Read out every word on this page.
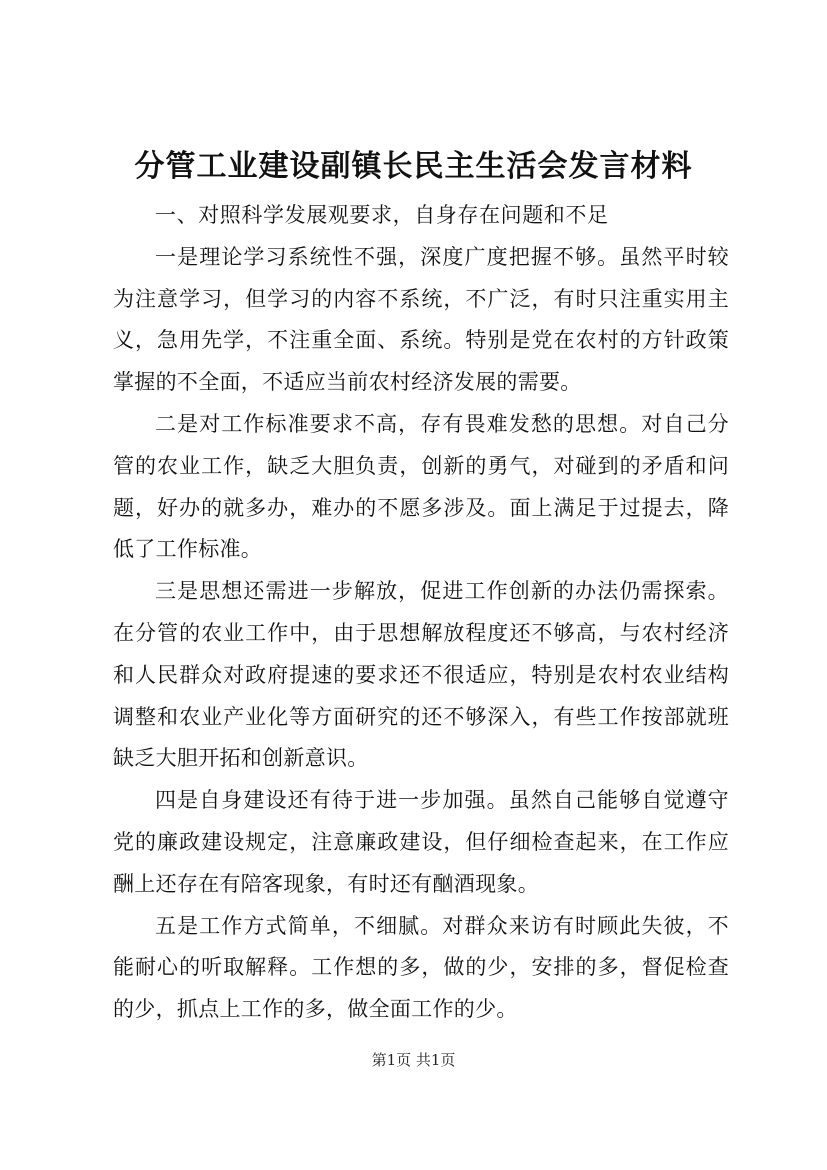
分管工业建设副镇长民主生活会发言材料

一、对照科学发展观要求，自身存在问题和不足

一是理论学习系统性不强，深度广度把握不够。虽然平时较为注意学习，但学习的内容不系统，不广泛，有时只注重实用主义，急用先学，不注重全面、系统。特别是党在农村的方针政策掌握的不全面，不适应当前农村经济发展的需要。

二是对工作标准要求不高，存有畏难发愁的思想。对自己分管的农业工作，缺乏大胆负责，创新的勇气，对碰到的矛盾和问题，好办的就多办，难办的不愿多涉及。面上满足于过提去，降低了工作标准。

三是思想还需进一步解放，促进工作创新的办法仍需探索。在分管的农业工作中，由于思想解放程度还不够高，与农村经济和人民群众对政府提速的要求还不很适应，特别是农村农业结构调整和农业产业化等方面研究的还不够深入，有些工作按部就班缺乏大胆开拓和创新意识。

四是自身建设还有待于进一步加强。虽然自己能够自觉遵守党的廉政建设规定，注意廉政建设，但仔细检查起来，在工作应酬上还存在有陪客现象，有时还有酗酒现象。

五是工作方式简单，不细腻。对群众来访有时顾此失彼，不能耐心的听取解释。工作想的多，做的少，安排的多，督促检查的少，抓点上工作的多，做全面工作的少。

第1页 共1页
